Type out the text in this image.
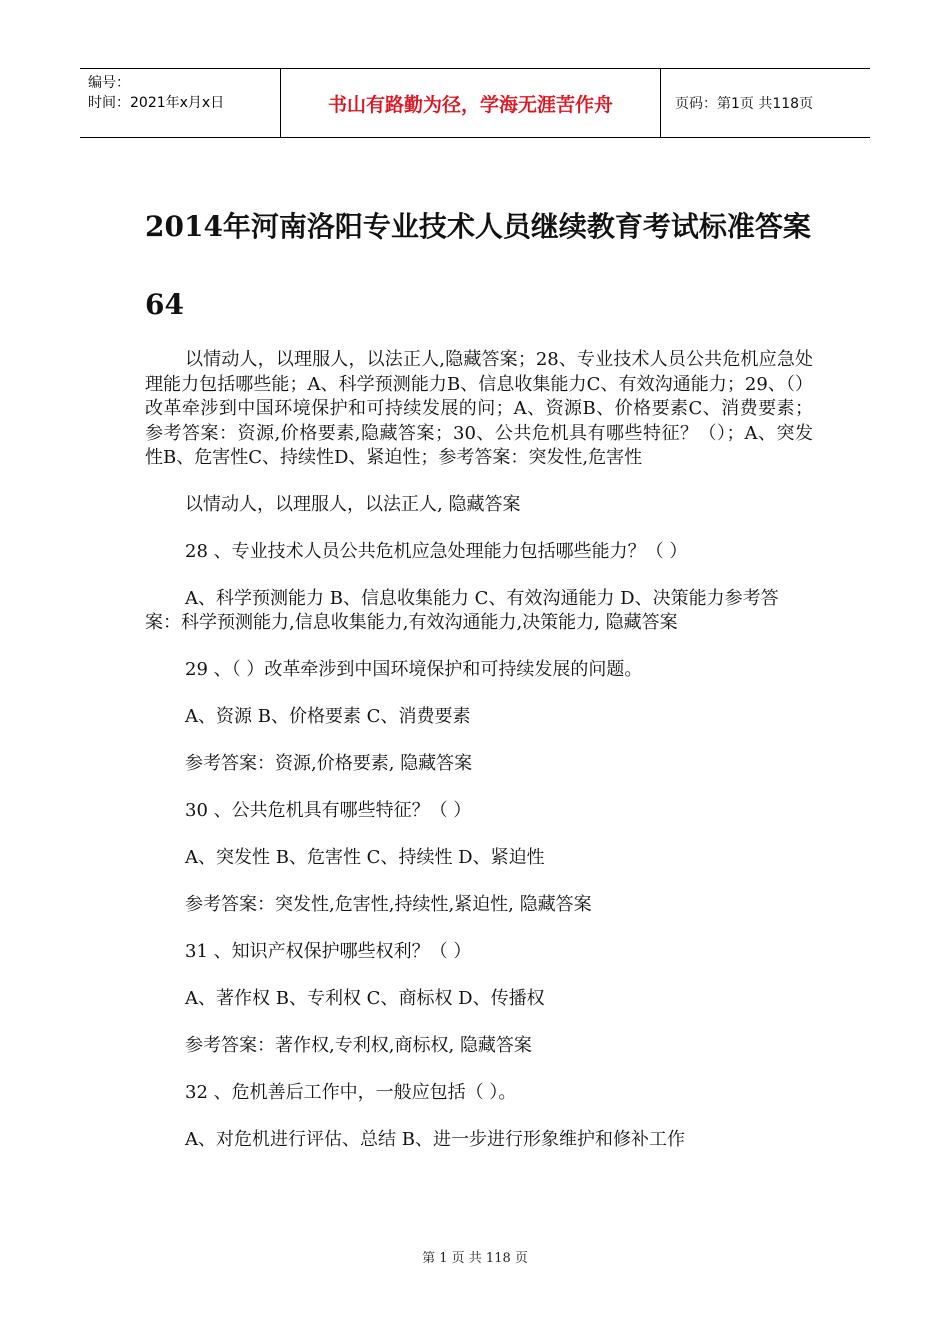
编号：
时间：2021年x月x日	书山有路勤为径，学海无涯苦作舟	页码：第1页 共118页
2014年河南洛阳专业技术人员继续教育考试标准答案64

以情动人，以理服人，以法正人,隐藏答案；28、专业技术人员公共危机应急处理能力包括哪些能；A、科学预测能力B、信息收集能力C、有效沟通能力；29、（）改革牵涉到中国环境保护和可持续发展的问；A、资源B、价格要素C、消费要素；参考答案：资源,价格要素,隐藏答案；30、公共危机具有哪些特征？（）；A、突发性B、危害性C、持续性D、紧迫性；参考答案：突发性,危害性

以情动人，以理服人，以法正人, 隐藏答案

28 、专业技术人员公共危机应急处理能力包括哪些能力？（ ）

A、科学预测能力 B、信息收集能力 C、有效沟通能力 D、决策能力参考答案：科学预测能力,信息收集能力,有效沟通能力,决策能力, 隐藏答案

29 、（ ）改革牵涉到中国环境保护和可持续发展的问题。

A、资源 B、价格要素 C、消费要素

参考答案：资源,价格要素, 隐藏答案

30 、公共危机具有哪些特征？（ ）

A、突发性 B、危害性 C、持续性 D、紧迫性

参考答案：突发性,危害性,持续性,紧迫性, 隐藏答案

31 、知识产权保护哪些权利？（ ）

A、著作权 B、专利权 C、商标权 D、传播权

参考答案：著作权,专利权,商标权, 隐藏答案

32 、危机善后工作中，一般应包括（ ）。

A、对危机进行评估、总结 B、进一步进行形象维护和修补工作

第 1 页 共 118 页
